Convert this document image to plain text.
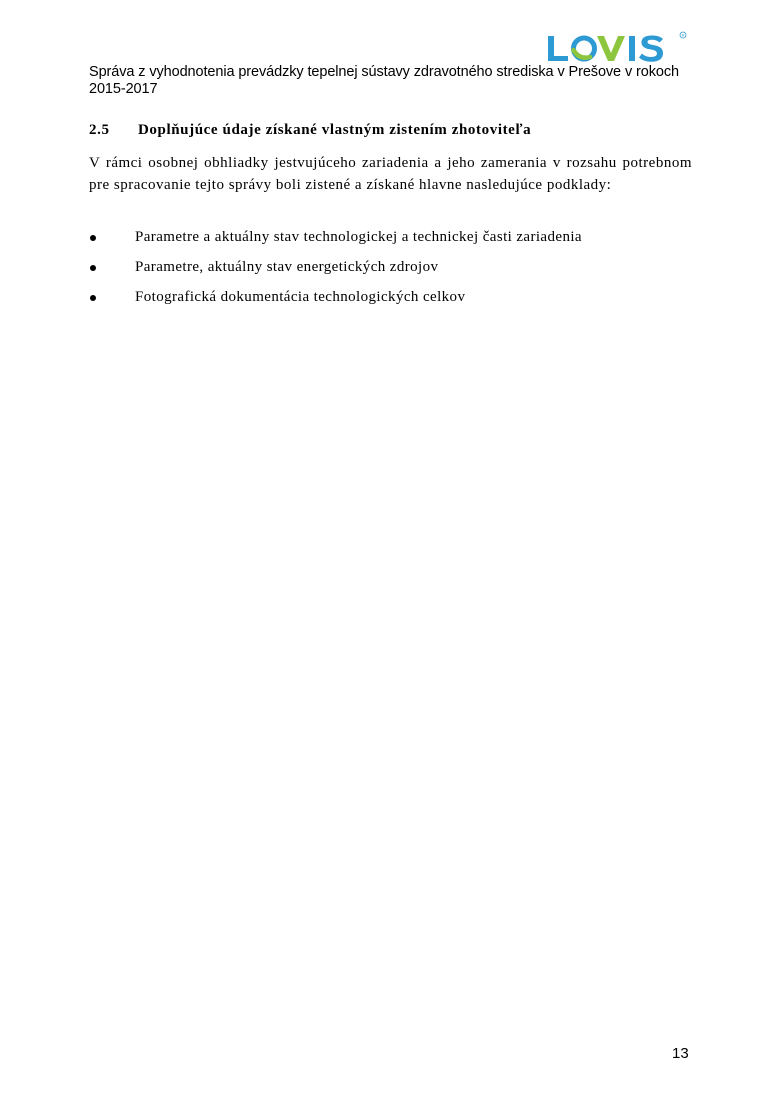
R
Správa z vyhodnotenia prevádzky tepelnej sústavy zdravotného strediska v Prešove v rokoch 2015-2017
2.5 Doplňujúce údaje získané vlastným zistením zhotoviteľa

V rámci osobnej obhliadky jestvujúceho zariadenia a jeho zamerania v rozsahu potrebnom pre spracovanie tejto správy boli zistené a získané hlavne nasledujúce podklady:

Parametre a aktuálny stav technologickej a technickej časti zariadenia
Parametre, aktuálny stav energetických zdrojov
Fotografická dokumentácia technologických celkov
13
